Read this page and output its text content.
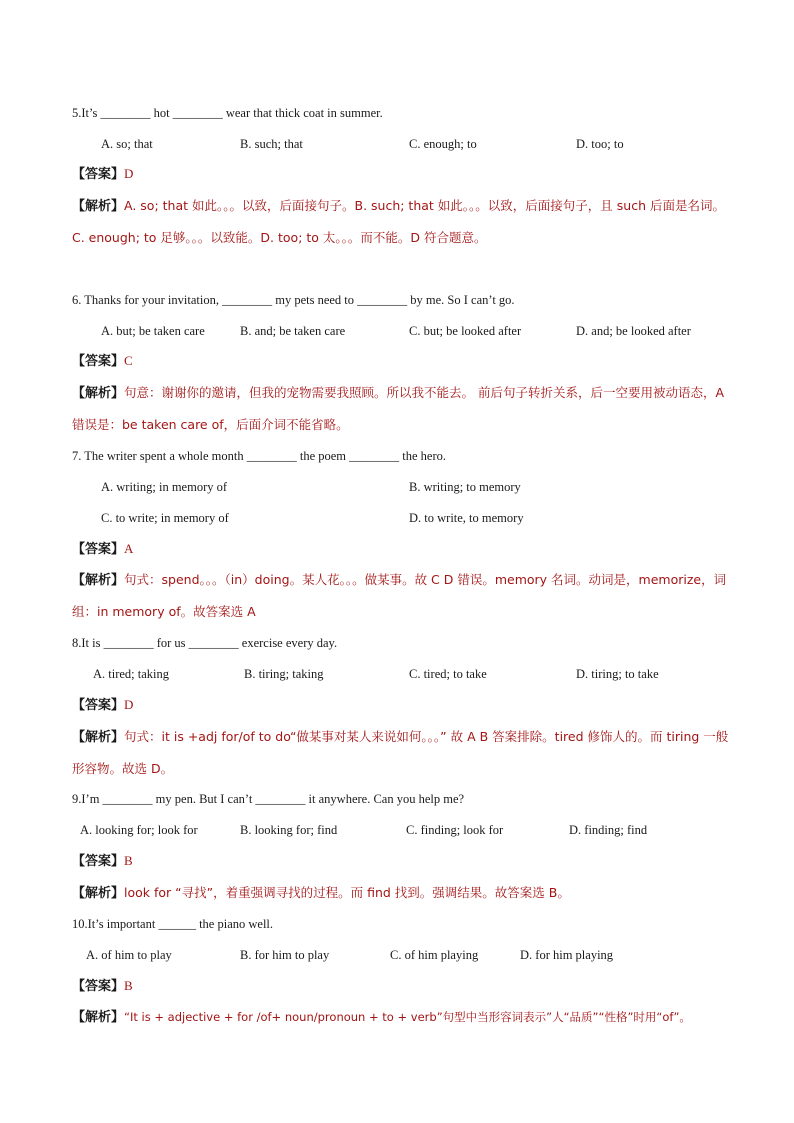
5.It’s ________ hot ________ wear that thick coat in summer.
A. so; that	B. such; that	C. enough; to	D. too; to
【答案】D
【解析】A. so; that 如此。。。以致，后面接句子。B. such; that 如此。。。以致，后面接句子，且 such 后面是名词。 C. enough; to 足够。。。以致能。D. too; to 太。。。而不能。D 符合题意。
6. Thanks for your invitation, ________ my pets need to ________ by me. So I can’t go.
A. but; be taken care	B. and; be taken care	C. but; be looked after	D. and; be looked after
【答案】C
【解析】句意：谢谢你的邀请，但我的宠物需要我照顾。所以我不能去。 前后句子转折关系，后一空要用被动语态，A 错误是：be taken care of，后面介词不能省略。
7. The writer spent a whole month ________ the poem ________ the hero.
A. writing; in memory of	B. writing; to memory
C. to write; in memory of	D. to write, to memory
【答案】A
【解析】句式：spend。。。（in）doing。某人花。。。做某事。故 C D 错误。memory 名词。动词是，memorize，词组：in memory of。故答案选 A
8.It is ________ for us ________ exercise every day.
A. tired; taking	B. tiring; taking	C. tired; to take	D. tiring; to take
【答案】D
【解析】句式：it is +adj for/of to do“做某事对某人来说如何。。。” 故 A B 答案排除。tired 修饰人的。而 tiring 一般形容物。故选 D。
9.I’m ________ my pen. But I can’t ________ it anywhere. Can you help me?
A. looking for; look for	B. looking for; find	C. finding; look for	D. finding; find
【答案】B
【解析】look for “寻找”，着重强调寻找的过程。而 find 找到。强调结果。故答案选 B。
10.It’s important ______ the piano well.
A. of him to play	B. for him to play	C. of him playing	D. for him playing
【答案】B
【解析】“It is + adjective + for /of+ noun/pronoun + to + verb”句型中当形容词表示”人“品质”“性格”时用“of”。
